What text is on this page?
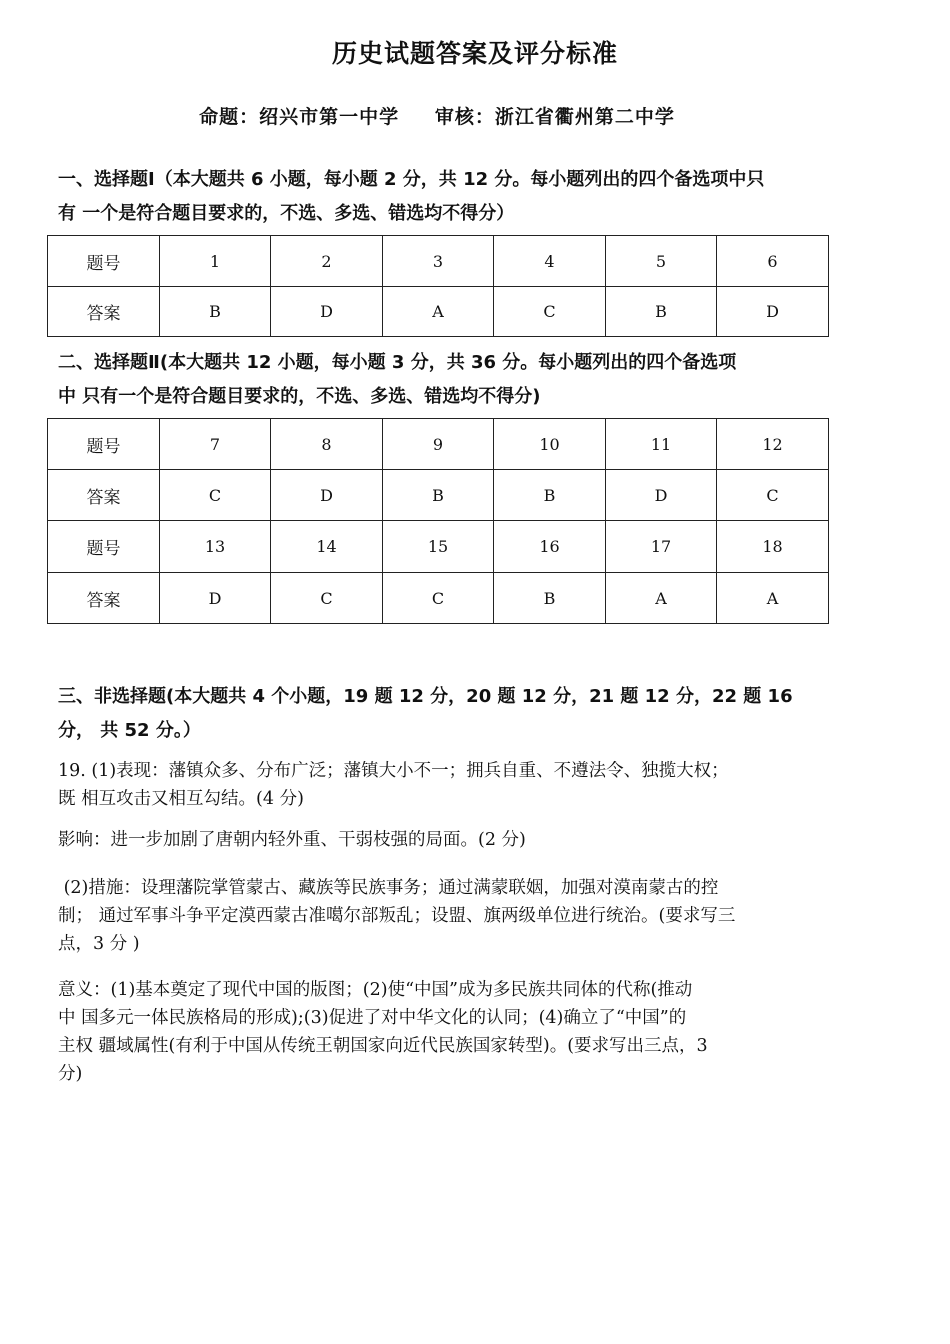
历史试题答案及评分标准
命题：绍兴市第一中学 审核：浙江省衢州第二中学
一、选择题Ⅰ（本大题共 6 小题，每小题 2 分，共 12 分。每小题列出的四个备选项中只
有 一个是符合题目要求的，不选、多选、错选均不得分）
题号	1	2	3	4	5	6
答案	B	D	A	C	B	D
二、选择题Ⅱ(本大题共 12 小题，每小题 3 分，共 36 分。每小题列出的四个备选项
中 只有一个是符合题目要求的，不选、多选、错选均不得分)
题号	7	8	9	10	11	12
答案	C	D	B	B	D	C
题号	13	14	15	16	17	18
答案	D	C	C	B	A	A
三、非选择题(本大题共 4 个小题，19 题 12 分，20 题 12 分，21 题 12 分，22 题 16
分， 共 52 分。）
19. (1)表现：藩镇众多、分布广泛；藩镇大小不一；拥兵自重、不遵法令、独揽大权；
既 相互攻击又相互勾结。(4 分)
影响：进一步加剧了唐朝内轻外重、干弱枝强的局面。(2 分)
(2)措施：设理藩院掌管蒙古、藏族等民族事务；通过满蒙联姻，加强对漠南蒙古的控
制； 通过军事斗争平定漠西蒙古准噶尔部叛乱；设盟、旗两级单位进行统治。(要求写三
点，3 分 )
意义：(1)基本奠定了现代中国的版图；(2)使“中国”成为多民族共同体的代称(推动
中 国多元一体民族格局的形成);(3)促进了对中华文化的认同；(4)确立了“中国”的
主权 疆域属性(有利于中国从传统王朝国家向近代民族国家转型)。(要求写出三点，3
分)
